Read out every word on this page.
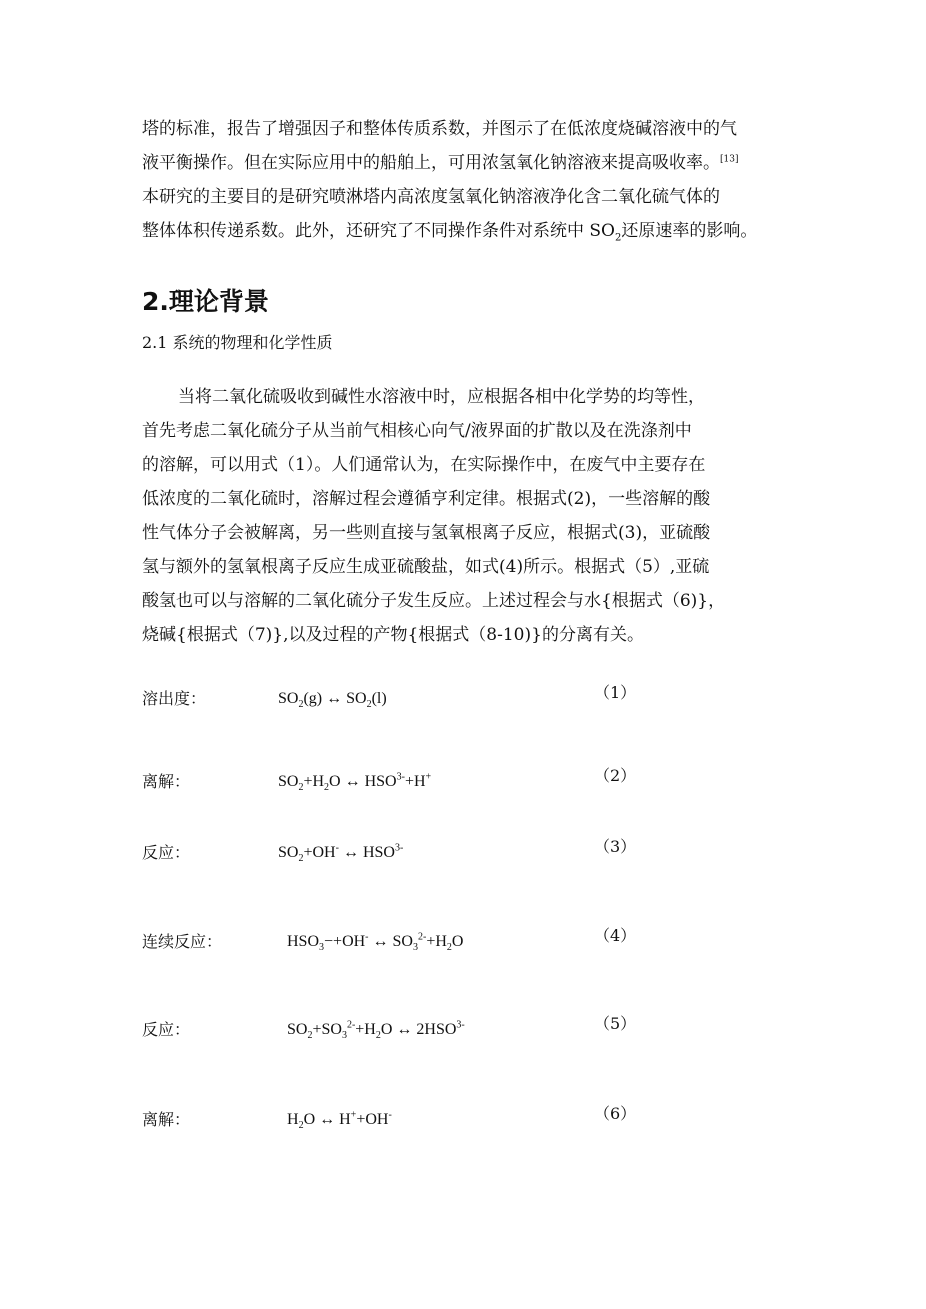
塔的标准，报告了增强因子和整体传质系数，并图示了在低浓度烧碱溶液中的气
液平衡操作。但在实际应用中的船舶上，可用浓氢氧化钠溶液来提高吸收率。[13]
本研究的主要目的是研究喷淋塔内高浓度氢氧化钠溶液净化含二氧化硫气体的
整体体积传递系数。此外，还研究了不同操作条件对系统中 $SO_2$还原速率的影响。
2.理论背景
2.1 系统的物理和化学性质
当将二氧化硫吸收到碱性水溶液中时，应根据各相中化学势的均等性，
首先考虑二氧化硫分子从当前气相核心向气/液界面的扩散以及在洗涤剂中
的溶解，可以用式（1）。人们通常认为，在实际操作中，在废气中主要存在
低浓度的二氧化硫时，溶解过程会遵循亨利定律。根据式(2)，一些溶解的酸
性气体分子会被解离，另一些则直接与氢氧根离子反应，根据式(3)，亚硫酸
氢与额外的氢氧根离子反应生成亚硫酸盐，如式(4)所示。根据式（5）,亚硫
酸氢也可以与溶解的二氧化硫分子发生反应。上述过程会与水{根据式（6)}，
烧碱{根据式（7)},以及过程的产物{根据式（8-10)}的分离有关。
溶出度：	$SO_2(g)$ ↔ $SO_2(l)$	（1）
离解：	$SO_2+H_2O$ ↔ $HSO^{3-}+H^+$	（2）
反应：	$SO_2+OH^-$ ↔ $HSO^{3-}$	（3）
连续反应：	$HSO_3-+OH^-$ ↔ $SO_3^{2-}+H_2O$	（4）
反应：	$SO_2+SO_3^{2-}+H_2O$ ↔ $2HSO^{3-}$	（5）
离解：	$H_2O$ ↔ H++OH-	（6）
